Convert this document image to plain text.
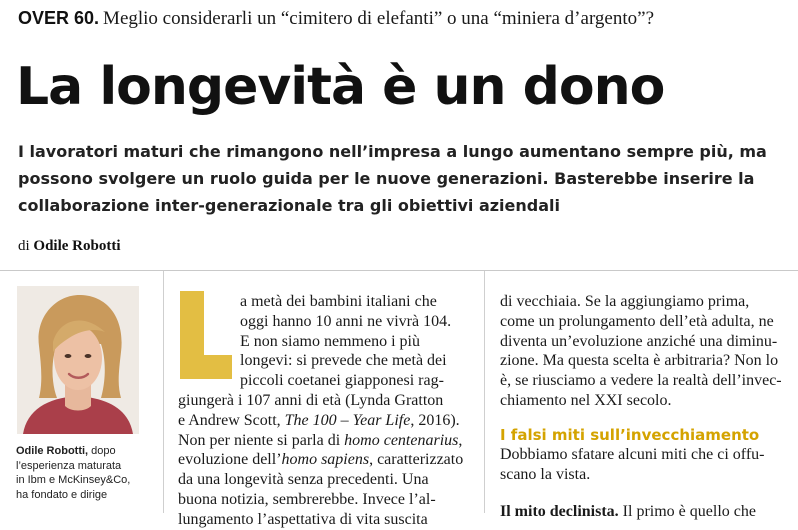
OVER 60. Meglio considerarli un “cimitero di elefanti” o una “miniera d’argento”?
La longevità è un dono
I lavoratori maturi che rimangono nell’impresa a lungo aumentano sempre più, ma
possono svolgere un ruolo guida per le nuove generazioni. Basterebbe inserire la
collaborazione inter-generazionale tra gli obiettivi aziendali
di Odile Robotti
Odile Robotti, dopo
l’esperienza maturata
in Ibm e McKinsey&Co,
ha fondato e dirige
a metà dei bambini italiani che
oggi hanno 10 anni ne vivrà 104.
E non siamo nemmeno i più
longevi: si prevede che metà dei
piccoli coetanei giapponesi rag-
giungerà i 107 anni di età (Lynda Gratton
e Andrew Scott, The 100 – Year Life, 2016).
Non per niente si parla di homo centenarius,
evoluzione dell’homo sapiens, caratterizzato
da una longevità senza precedenti. Una
buona notizia, sembrerebbe. Invece l’al-
lungamento l’aspettativa di vita suscita
di vecchiaia. Se la aggiungiamo prima,
come un prolungamento dell’età adulta, ne
diventa un’evoluzione anziché una diminu-
zione. Ma questa scelta è arbitraria? Non lo
è, se riusciamo a vedere la realtà dell’invec-
chiamento nel XXI secolo.
I falsi miti sull’invecchiamento
Dobbiamo sfatare alcuni miti che ci offu-
scano la vista.
Il mito declinista. Il primo è quello che
